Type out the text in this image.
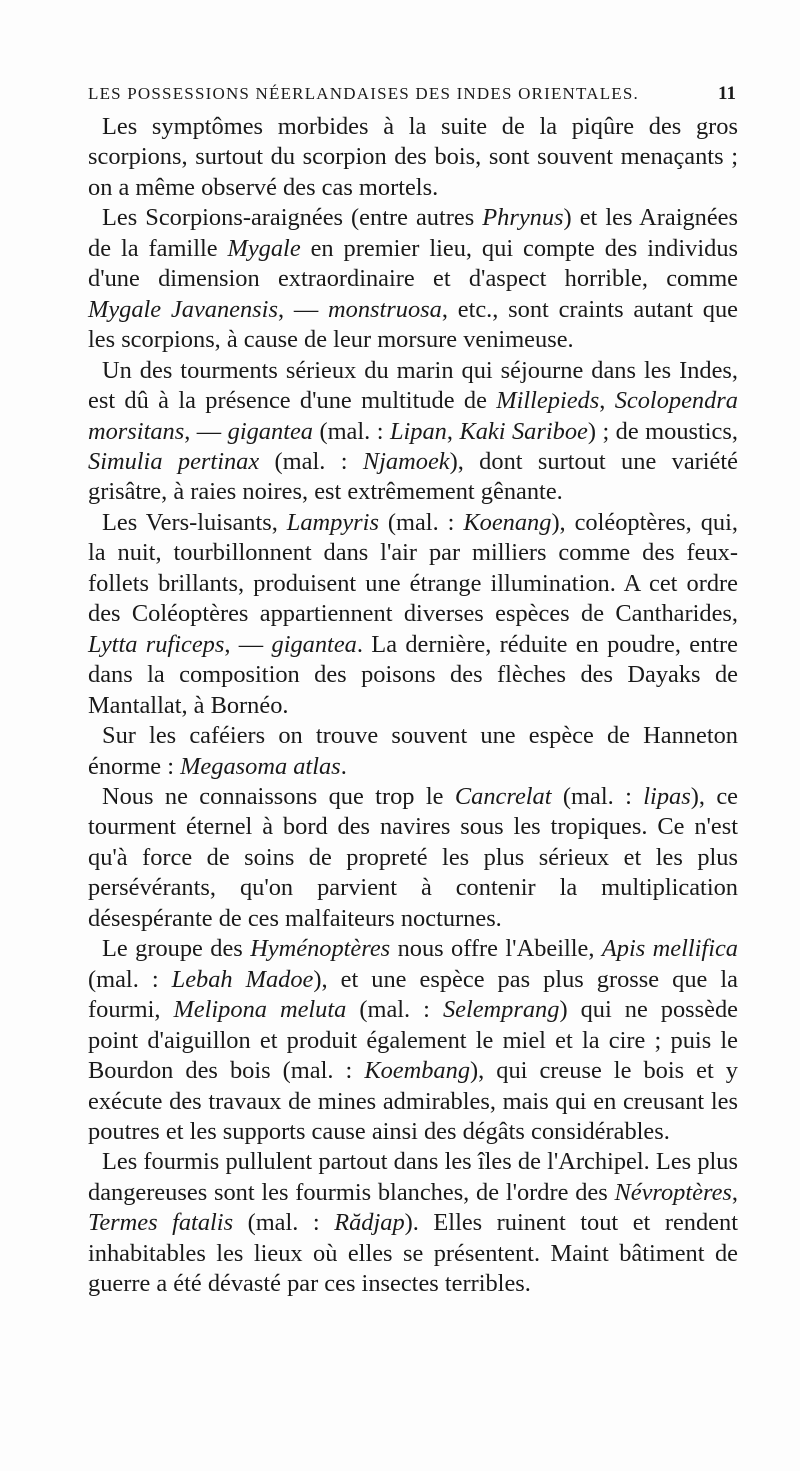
LES POSSESSIONS NÉERLANDAISES DES INDES ORIENTALES.	11

Les symptômes morbides à la suite de la piqûre des gros scorpions, surtout du scorpion des bois, sont souvent menaçants ; on a même observé des cas mortels.

Les Scorpions-araignées (entre autres Phrynus) et les Araignées de la famille Mygale en premier lieu, qui compte des individus d'une dimension extraordinaire et d'aspect horrible, comme Mygale Javanensis, — monstruosa, etc., sont craints autant que les scorpions, à cause de leur morsure venimeuse.

Un des tourments sérieux du marin qui séjourne dans les Indes, est dû à la présence d'une multitude de Millepieds, Scolopendra morsitans, — gigantea (mal. : Lipan, Kaki Sariboe) ; de moustics, Simulia pertinax (mal. : Njamoek), dont surtout une variété grisâtre, à raies noires, est extrêmement gênante.

Les Vers-luisants, Lampyris (mal. : Koenang), coléoptères, qui, la nuit, tourbillonnent dans l'air par milliers comme des feux-follets brillants, produisent une étrange illumination. A cet ordre des Coléoptères appartiennent diverses espèces de Cantharides, Lytta ruficeps, — gigantea. La dernière, réduite en poudre, entre dans la composition des poisons des flèches des Dayaks de Mantallat, à Bornéo.

Sur les caféiers on trouve souvent une espèce de Hanneton énorme : Megasoma atlas.

Nous ne connaissons que trop le Cancrelat (mal. : lipas), ce tourment éternel à bord des navires sous les tropiques. Ce n'est qu'à force de soins de propreté les plus sérieux et les plus persévérants, qu'on parvient à contenir la multiplication désespérante de ces malfaiteurs nocturnes.

Le groupe des Hyménoptères nous offre l'Abeille, Apis mellifica (mal. : Lebah Madoe), et une espèce pas plus grosse que la fourmi, Melipona meluta (mal. : Selemprang) qui ne possède point d'aiguillon et produit également le miel et la cire ; puis le Bourdon des bois (mal. : Koembang), qui creuse le bois et y exécute des travaux de mines admirables, mais qui en creusant les poutres et les supports cause ainsi des dégâts considérables.

Les fourmis pullulent partout dans les îles de l'Archipel. Les plus dangereuses sont les fourmis blanches, de l'ordre des Névroptères, Termes fatalis (mal. : Rădjap). Elles ruinent tout et rendent inhabitables les lieux où elles se présentent. Maint bâtiment de guerre a été dévasté par ces insectes terribles.
